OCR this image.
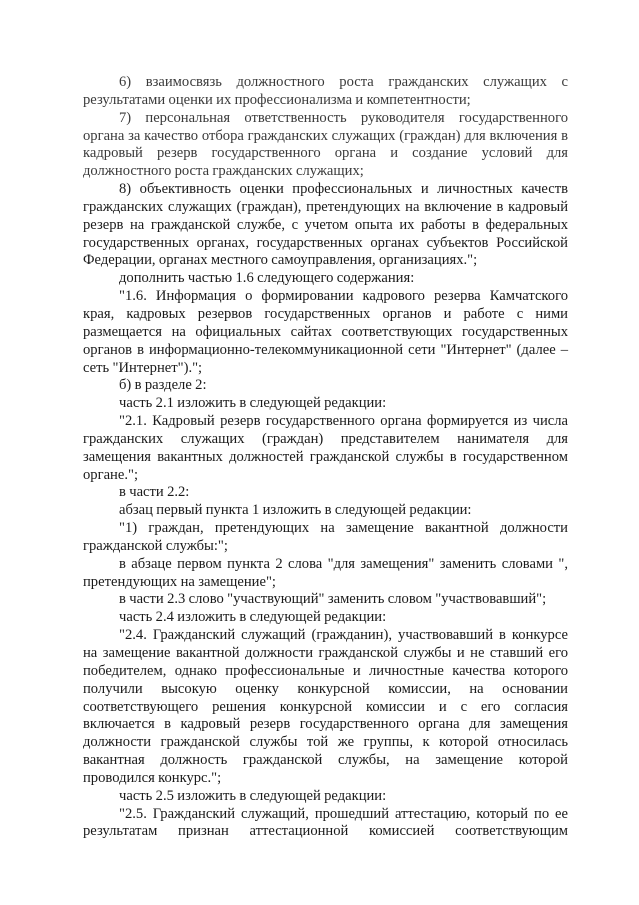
6) взаимосвязь должностного роста гражданских служащих с результатами оценки их профессионализма и компетентности;

7) персональная ответственность руководителя государственного органа за качество отбора гражданских служащих (граждан) для включения в кадровый резерв государственного органа и создание условий для должностного роста гражданских служащих;

8) объективность оценки профессиональных и личностных качеств гражданских служащих (граждан), претендующих на включение в кадровый резерв на гражданской службе, с учетом опыта их работы в федеральных государственных органах, государственных органах субъектов Российской Федерации, органах местного самоуправления, организациях.";

дополнить частью 1.6 следующего содержания:

"1.6. Информация о формировании кадрового резерва Камчатского края, кадровых резервов государственных органов и работе с ними размещается на официальных сайтах соответствующих государственных органов в информационно-телекоммуникационной сети "Интернет" (далее – сеть "Интернет").";

б) в разделе 2:

часть 2.1 изложить в следующей редакции:

"2.1. Кадровый резерв государственного органа формируется из числа гражданских служащих (граждан) представителем нанимателя для замещения вакантных должностей гражданской службы в государственном органе.";

в части 2.2:

абзац первый пункта 1 изложить в следующей редакции:

"1) граждан, претендующих на замещение вакантной должности гражданской службы:";

в абзаце первом пункта 2 слова "для замещения" заменить словами ", претендующих на замещение";

в части 2.3 слово "участвующий" заменить словом "участвовавший";

часть 2.4 изложить в следующей редакции:

"2.4. Гражданский служащий (гражданин), участвовавший в конкурсе на замещение вакантной должности гражданской службы и не ставший его победителем, однако профессиональные и личностные качества которого получили высокую оценку конкурсной комиссии, на основании соответствующего решения конкурсной комиссии и с его согласия включается в кадровый резерв государственного органа для замещения должности гражданской службы той же группы, к которой относилась вакантная должность гражданской службы, на замещение которой проводился конкурс.";

часть 2.5 изложить в следующей редакции:

"2.5. Гражданский служащий, прошедший аттестацию, который по ее результатам признан аттестационной комиссией соответствующим
